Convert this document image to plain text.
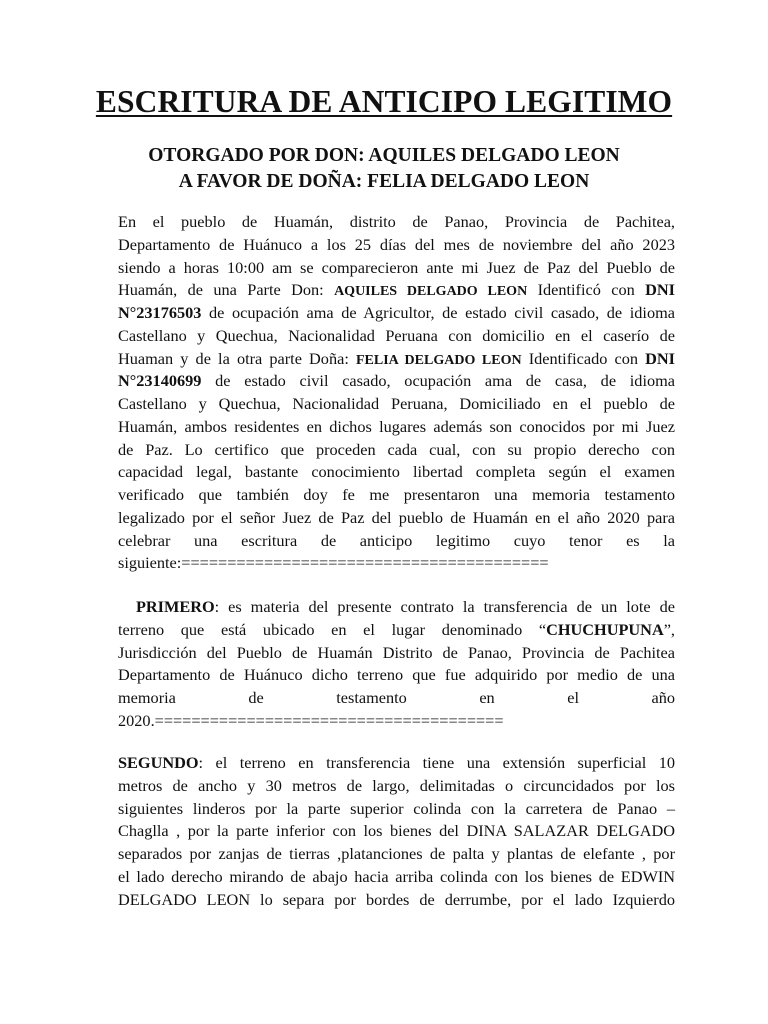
ESCRITURA DE ANTICIPO LEGITIMO
OTORGADO POR DON: AQUILES DELGADO LEON
A FAVOR DE DOÑA: FELIA DELGADO LEON
En el pueblo de Huamán, distrito de Panao, Provincia de Pachitea,
Departamento de Huánuco a los 25 días del mes de noviembre del año 2023
siendo a horas 10:00 am se comparecieron ante mi Juez de Paz del Pueblo de
Huamán, de una Parte Don: AQUILES DELGADO LEON Identificó con DNI
N°23176503 de ocupación ama de Agricultor, de estado civil casado, de idioma
Castellano y Quechua, Nacionalidad Peruana con domicilio en el caserío de
Huaman y de la otra parte Doña: FELIA DELGADO LEON Identificado con DNI
N°23140699 de estado civil casado, ocupación ama de casa, de idioma
Castellano y Quechua, Nacionalidad Peruana, Domiciliado en el pueblo de
Huamán, ambos residentes en dichos lugares además son conocidos por mi Juez
de Paz. Lo certifico que proceden cada cual, con su propio derecho con
capacidad legal, bastante conocimiento libertad completa según el examen
verificado que también doy fe me presentaron una memoria testamento
legalizado por el señor Juez de Paz del pueblo de Huamán en el año 2020 para
celebrar una escritura de anticipo legitimo cuyo tenor es la
siguiente:========================================
PRIMERO: es materia del presente contrato la transferencia de un lote de
terreno que está ubicado en el lugar denominado “CHUCHUPUNA”,
Jurisdicción del Pueblo de Huamán Distrito de Panao, Provincia de Pachitea
Departamento de Huánuco dicho terreno que fue adquirido por medio de una
memoria de testamento en el año
2020.======================================
SEGUNDO: el terreno en transferencia tiene una extensión superficial 10
metros de ancho y 30 metros de largo, delimitadas o circuncidados por los
siguientes linderos por la parte superior colinda con la carretera de Panao –
Chaglla , por la parte inferior con los bienes del DINA SALAZAR DELGADO
separados por zanjas de tierras ,platanciones de palta y plantas de elefante , por
el lado derecho mirando de abajo hacia arriba colinda con los bienes de EDWIN
DELGADO LEON lo separa por bordes de derrumbe, por el lado Izquierdo
